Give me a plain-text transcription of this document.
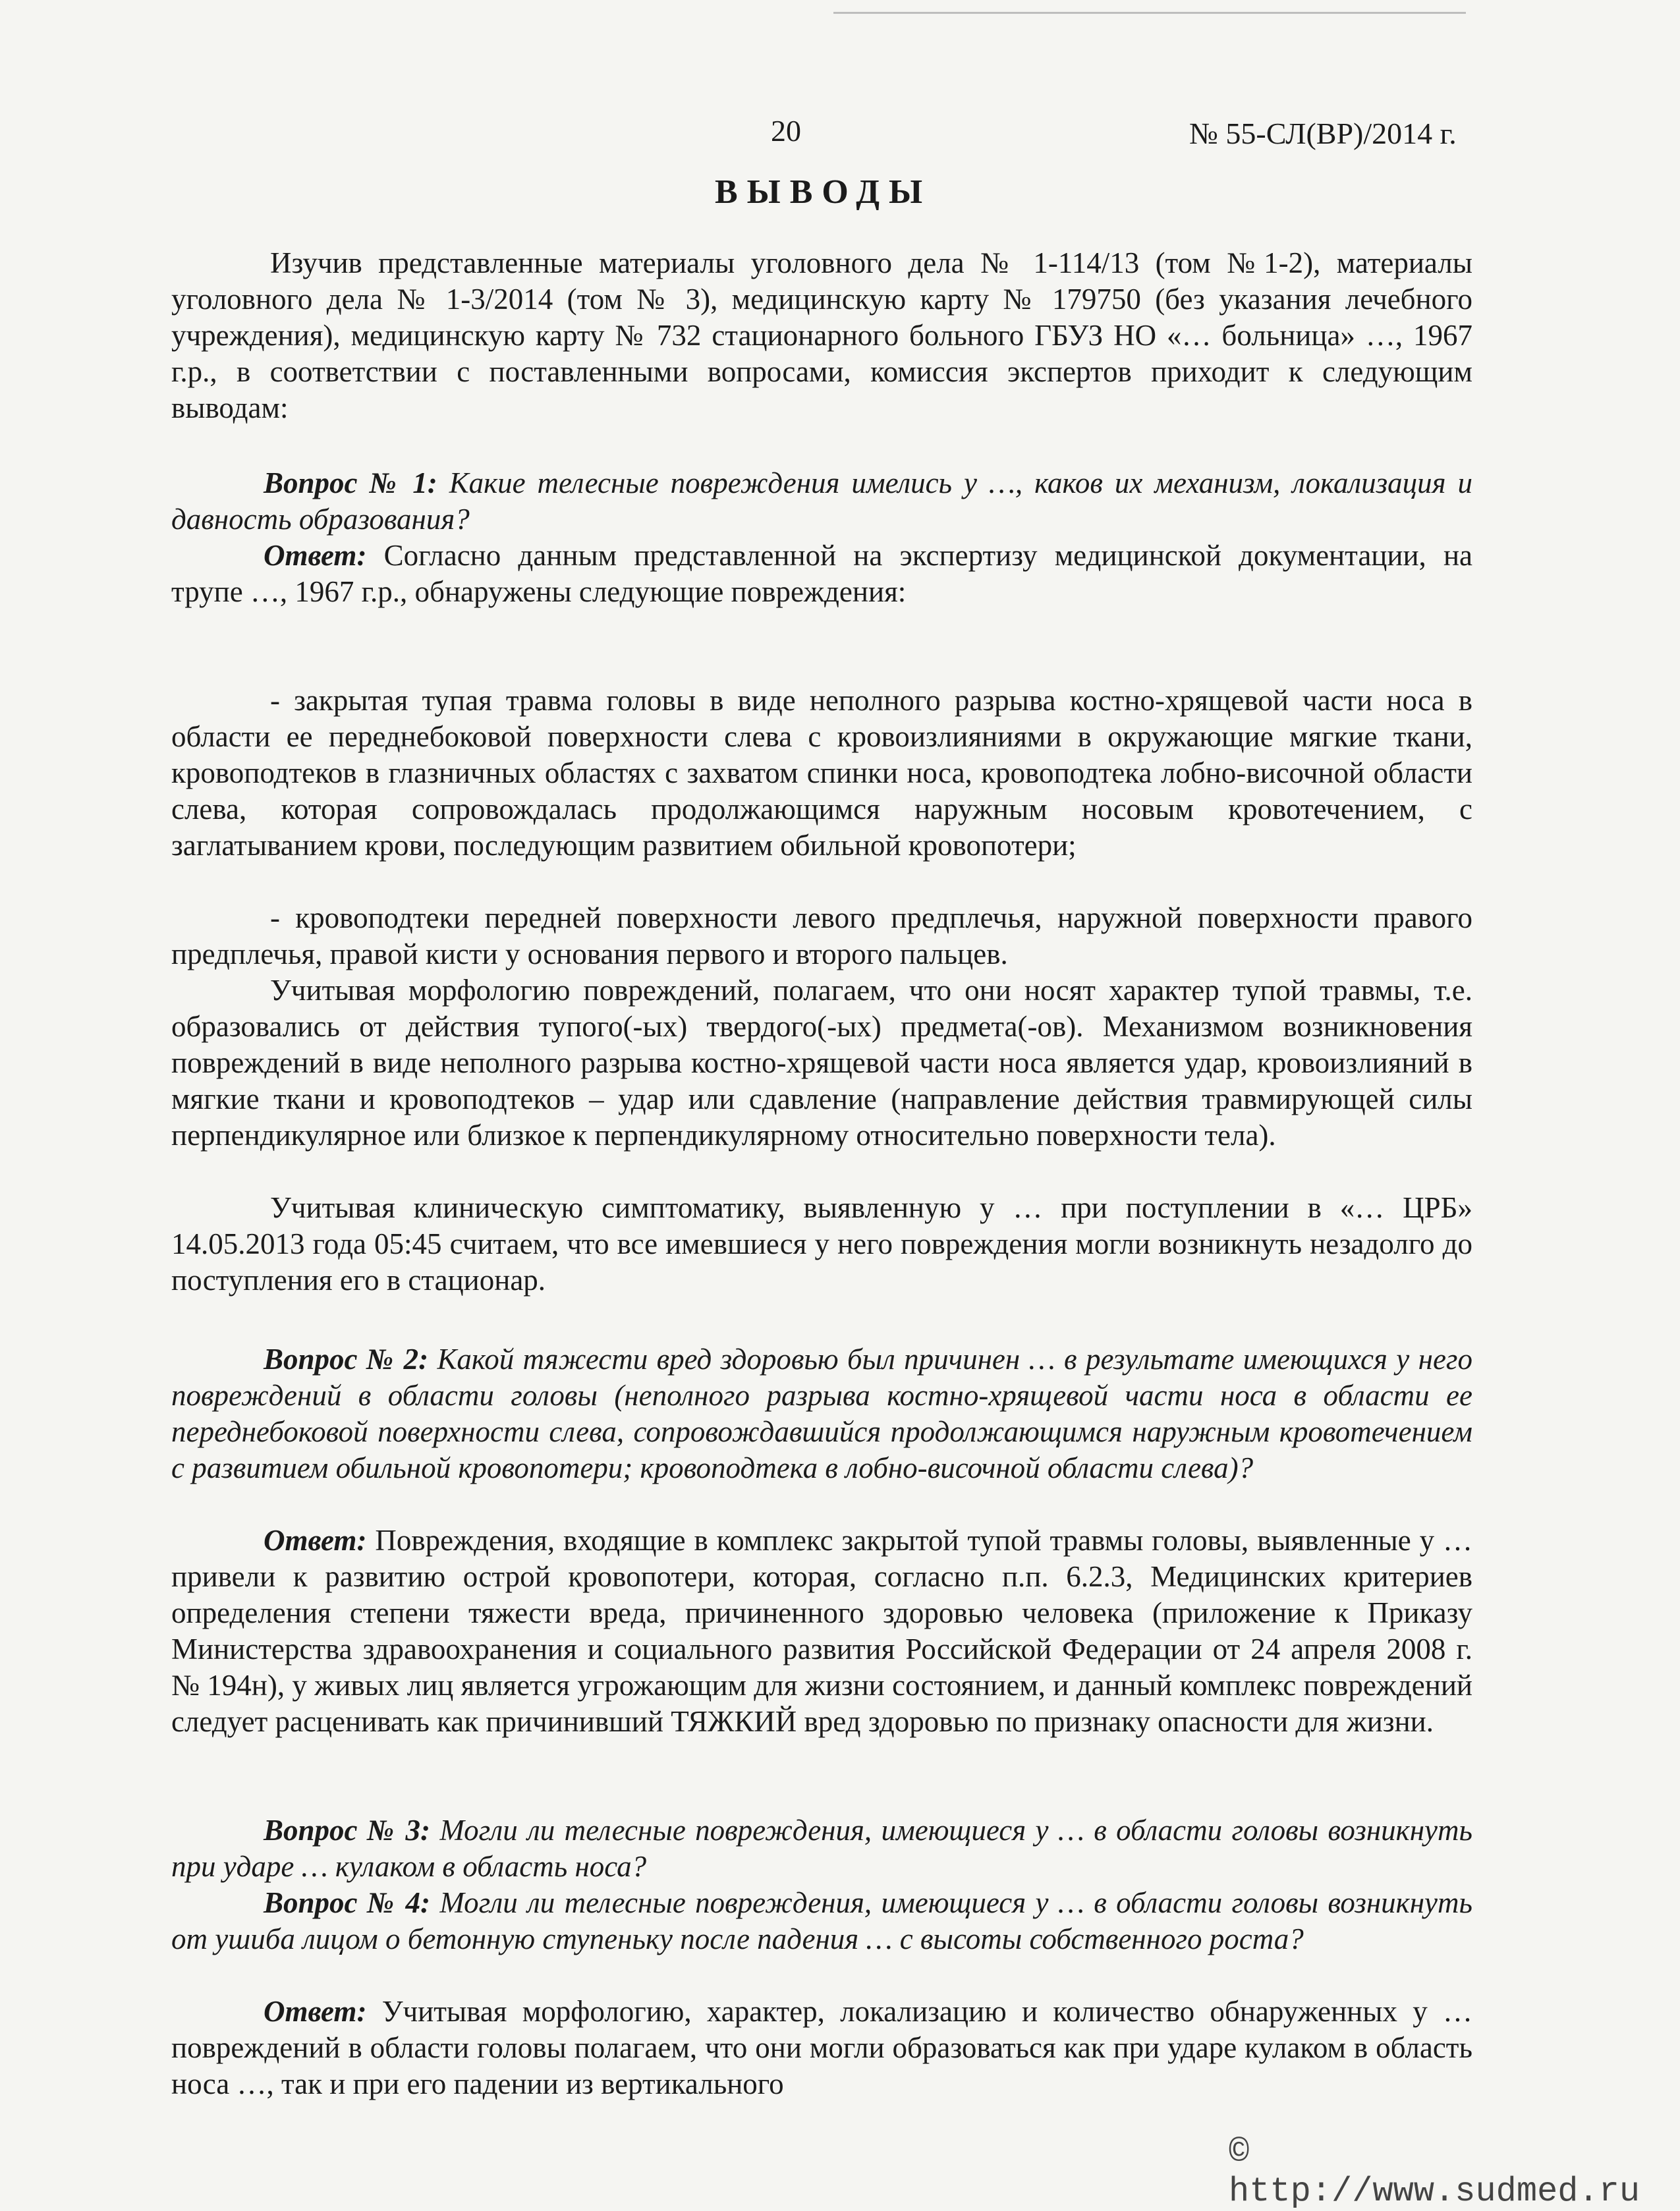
20	№ 55-СЛ(ВР)/2014 г.
ВЫВОДЫ

Изучив представленные материалы уголовного дела № 1-114/13 (том №1-2), материалы уголовного дела № 1-3/2014 (том № 3), медицинскую карту № 179750 (без указания лечебного учреждения), медицинскую карту № 732 стационарного больного ГБУЗ НО «… больница» …, 1967 г.р., в соответствии с поставленными вопросами, комиссия экспертов приходит к следующим выводам:

Вопрос № 1: Какие телесные повреждения имелись у …, каков их механизм, локализация и давность образования?

Ответ: Согласно данным представленной на экспертизу медицинской документации, на трупе …, 1967 г.р., обнаружены следующие повреждения:

- закрытая тупая травма головы в виде неполного разрыва костно-хрящевой части носа в области ее переднебоковой поверхности слева с кровоизлияниями в окружающие мягкие ткани, кровоподтеков в глазничных областях с захватом спинки носа, кровоподтека лобно-височной области слева, которая сопровождалась продолжающимся наружным носовым кровотечением, с заглатыванием крови, последующим развитием обильной кровопотери;

- кровоподтеки передней поверхности левого предплечья, наружной поверхности правого предплечья, правой кисти у основания первого и второго пальцев.

Учитывая морфологию повреждений, полагаем, что они носят характер тупой травмы, т.е. образовались от действия тупого(-ых) твердого(-ых) предмета(-ов). Механизмом возникновения повреждений в виде неполного разрыва костно-хрящевой части носа является удар, кровоизлияний в мягкие ткани и кровоподтеков – удар или сдавление (направление действия травмирующей силы перпендикулярное или близкое к перпендикулярному относительно поверхности тела).

Учитывая клиническую симптоматику, выявленную у … при поступлении в «… ЦРБ» 14.05.2013 года 05:45 считаем, что все имевшиеся у него повреждения могли возникнуть незадолго до поступления его в стационар.

Вопрос № 2: Какой тяжести вред здоровью был причинен … в результате имеющихся у него повреждений в области головы (неполного разрыва костно-хрящевой части носа в области ее переднебоковой поверхности слева, сопровождавшийся продолжающимся наружным кровотечением с развитием обильной кровопотери; кровоподтека в лобно-височной области слева)?

Ответ: Повреждения, входящие в комплекс закрытой тупой травмы головы, выявленные у … привели к развитию острой кровопотери, которая, согласно п.п. 6.2.3, Медицинских критериев определения степени тяжести вреда, причиненного здоровью человека (приложение к Приказу Министерства здравоохранения и социального развития Российской Федерации от 24 апреля 2008 г. № 194н), у живых лиц является угрожающим для жизни состоянием, и данный комплекс повреждений следует расценивать как причинивший ТЯЖКИЙ вред здоровью по признаку опасности для жизни.

Вопрос № 3: Могли ли телесные повреждения, имеющиеся у … в области головы возникнуть при ударе … кулаком в область носа?

Вопрос № 4: Могли ли телесные повреждения, имеющиеся у … в области головы возникнуть от ушиба лицом о бетонную ступеньку после падения … с высоты собственного роста?

Ответ: Учитывая морфологию, характер, локализацию и количество обнаруженных у … повреждений в области головы полагаем, что они могли образоваться как при ударе кулаком в область носа …, так и при его падении из вертикального

© http://www.sudmed.ru
